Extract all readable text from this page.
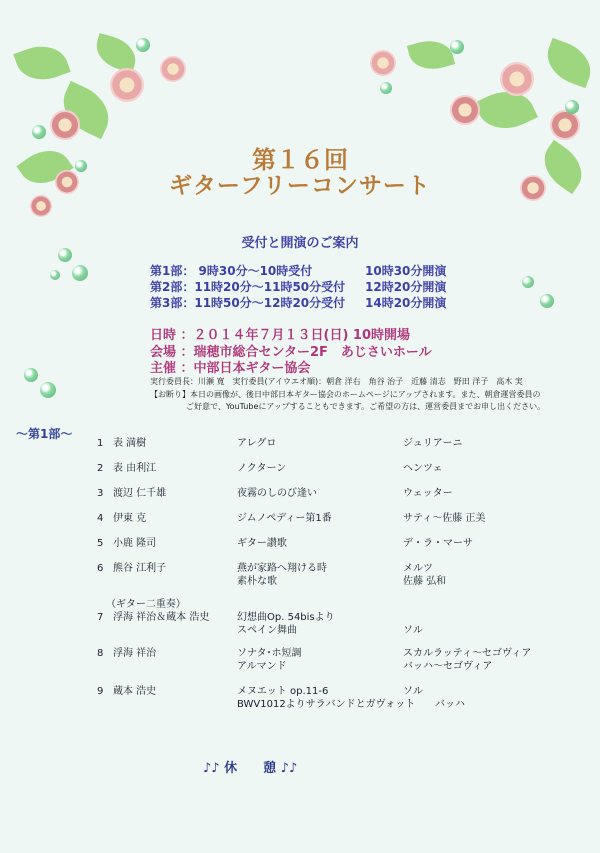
第１６回
ギターフリーコンサート
受付と開演のご案内
第1部： 9時30分～10時受付	10時30分開演
第2部：11時20分～11時50分受付 12時20分開演
第3部：11時50分～12時20分受付 14時20分開演
日時 ：２０１４年７月１３日(日) 10時開場
会場 ：瑞穂市総合センター2F　あじさいホール
主催 ：中部日本ギター協会
実行委員長：川瀬 寛　実行委員(アイウエオ順)：朝倉 洋右　角谷 治子　近藤 清志　野田 洋子　高木 実
【お断り】本日の画像が、後日中部日本ギター協会のホームページにアップされます。また、朝倉運営委員の
ご好意で、YouTubeにアップすることもできます。ご希望の方は、運営委員までお申し出ください。
～第1部～
1 表 満樹	アレグロ	ジュリアーニ
2 表 由利江	ノクターン	ヘンツェ
3 渡辺 仁千雄	夜霧のしのび逢い	ウェッター
4 伊東 克	ジムノペディー第1番	サティ～佐藤 正美
5 小鹿 隆司	ギター讃歌	デ・ラ・マーサ
6 熊谷 江利子	燕が家路へ翔ける時	メルツ
素朴な歌	佐藤 弘和
（ギター二重奏）
7 浮海 祥治＆蔵本 浩史	幻想曲Op. 54bisより
スペイン舞曲	ソル
8 浮海 祥治	ソナタ･ホ短調	スカルラッティ～セゴヴィア
アルマンド	バッハ～セゴヴィア
9 蔵本 浩史	メヌエット op.11-6	ソル
BWV1012よりサラバンドとガヴォット バッハ
♪♪ 休　　憩 ♪♪
